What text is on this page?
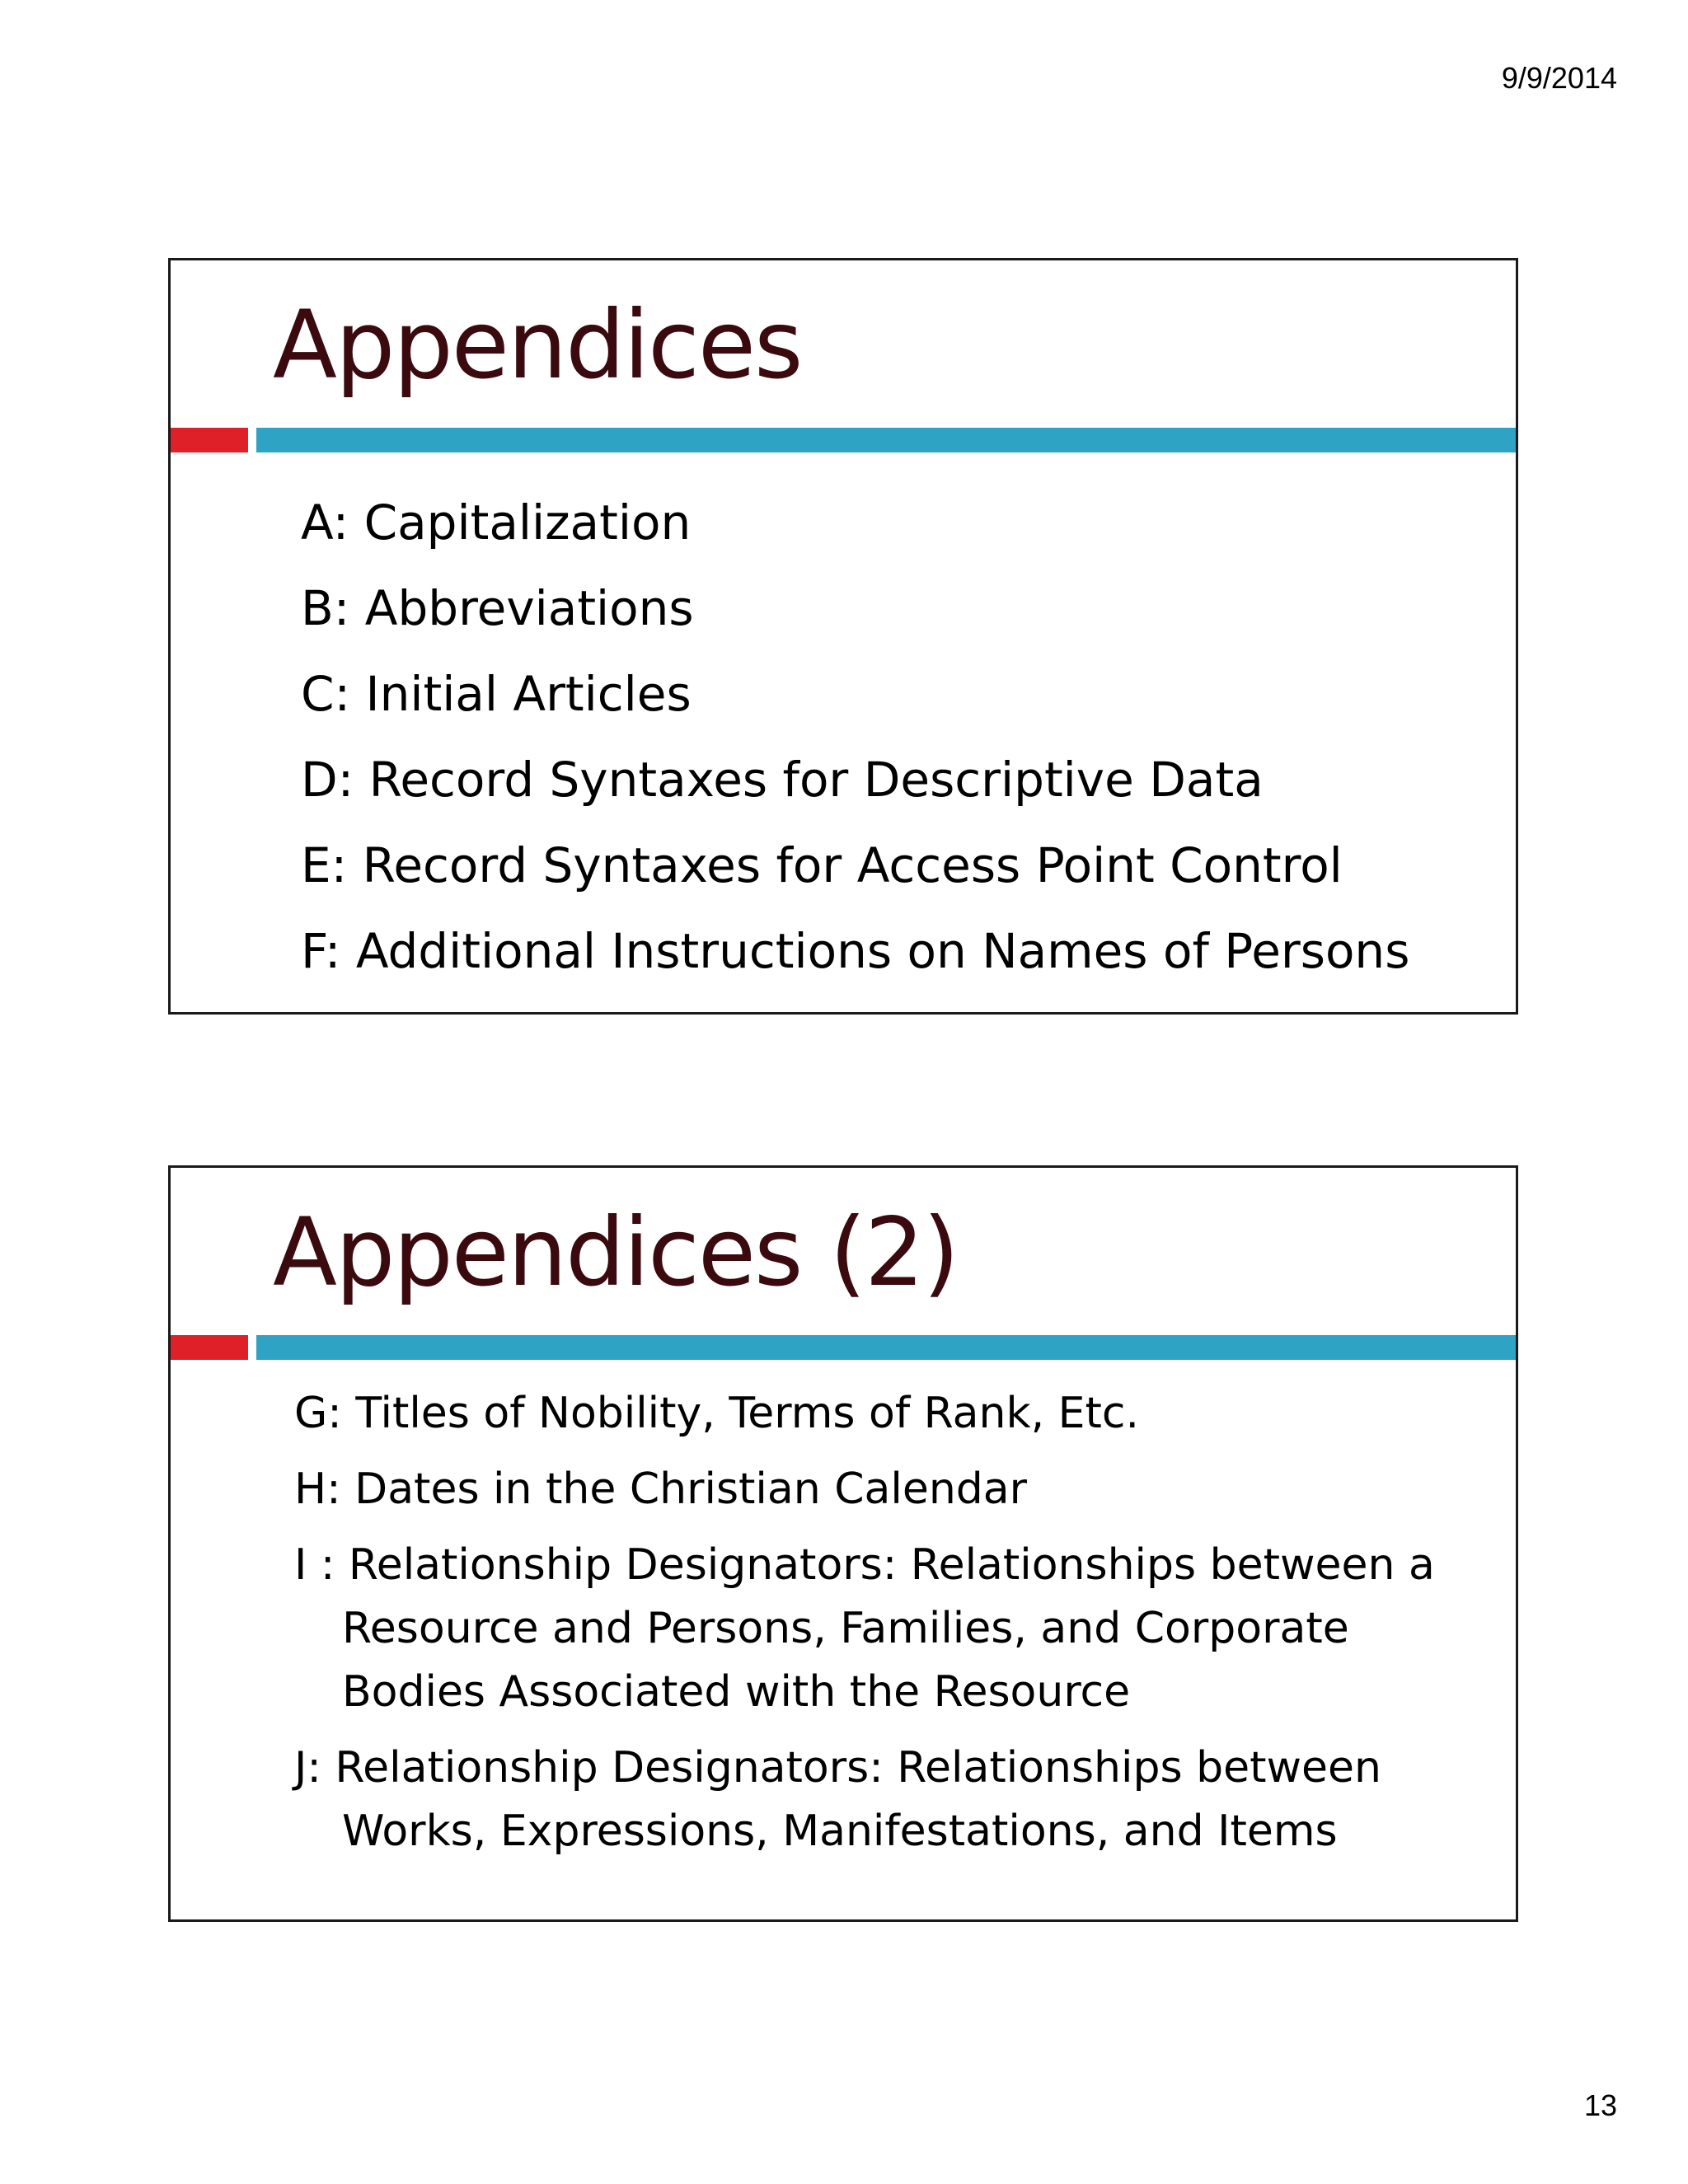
9/9/2014
Appendices
A: Capitalization
B: Abbreviations
C: Initial Articles
D: Record Syntaxes for Descriptive Data
E: Record Syntaxes for Access Point Control
F: Additional Instructions on Names of Persons
Appendices (2)
G: Titles of Nobility, Terms of Rank, Etc.
H: Dates in the Christian Calendar
I : Relationship Designators: Relationships between a Resource and Persons, Families, and Corporate Bodies Associated with the Resource
J: Relationship Designators: Relationships between Works, Expressions, Manifestations, and Items
13
